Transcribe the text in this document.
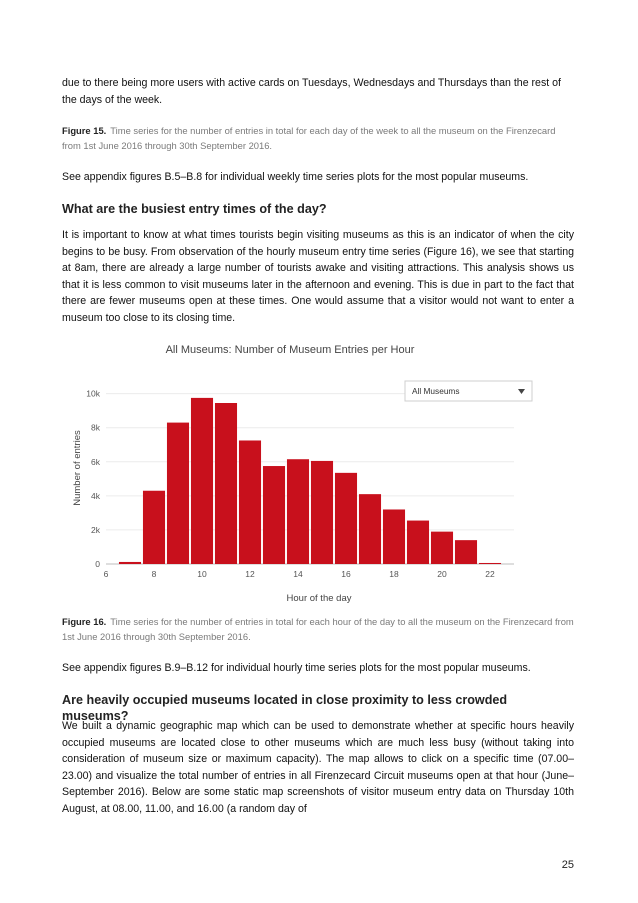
due to there being more users with active cards on Tuesdays, Wednesdays and Thursdays than the rest of the days of the week.

Figure 15. Time series for the number of entries in total for each day of the week to all the museum on the Firenzecard from 1st June 2016 through 30th September 2016.

See appendix figures B.5–B.8 for individual weekly time series plots for the most popular museums.

What are the busiest entry times of the day?

It is important to know at what times tourists begin visiting museums as this is an indicator of when the city begins to be busy. From observation of the hourly museum entry time series (Figure 16), we see that starting at 8am, there are already a large number of tourists awake and visiting attractions. This analysis shows us that it is less common to visit museums later in the afternoon and evening. This is due in part to the fact that there are fewer museums open at these times. One would assume that a visitor would not want to enter a museum too close to its closing time.

All Museums: Number of Museum Entries per Hour
0
2k
4k
6k
8k
10k
6	8	10	12	14	16	18	20	22
Number of entries
Hour of the day
All Museums

Figure 16. Time series for the number of entries in total for each hour of the day to all the museum on the Firenzecard from 1st June 2016 through 30th September 2016.

See appendix figures B.9–B.12 for individual hourly time series plots for the most popular museums.

Are heavily occupied museums located in close proximity to less crowded museums?

We built a dynamic geographic map which can be used to demonstrate whether at specific hours heavily occupied museums are located close to other museums which are much less busy (without taking into consideration of museum size or maximum capacity). The map allows to click on a specific time (07.00–23.00) and visualize the total number of entries in all Firenzecard Circuit museums open at that hour (June–September 2016). Below are some static map screenshots of visitor museum entry data on Thursday 10th August, at 08.00, 11.00, and 16.00 (a random day of

25
